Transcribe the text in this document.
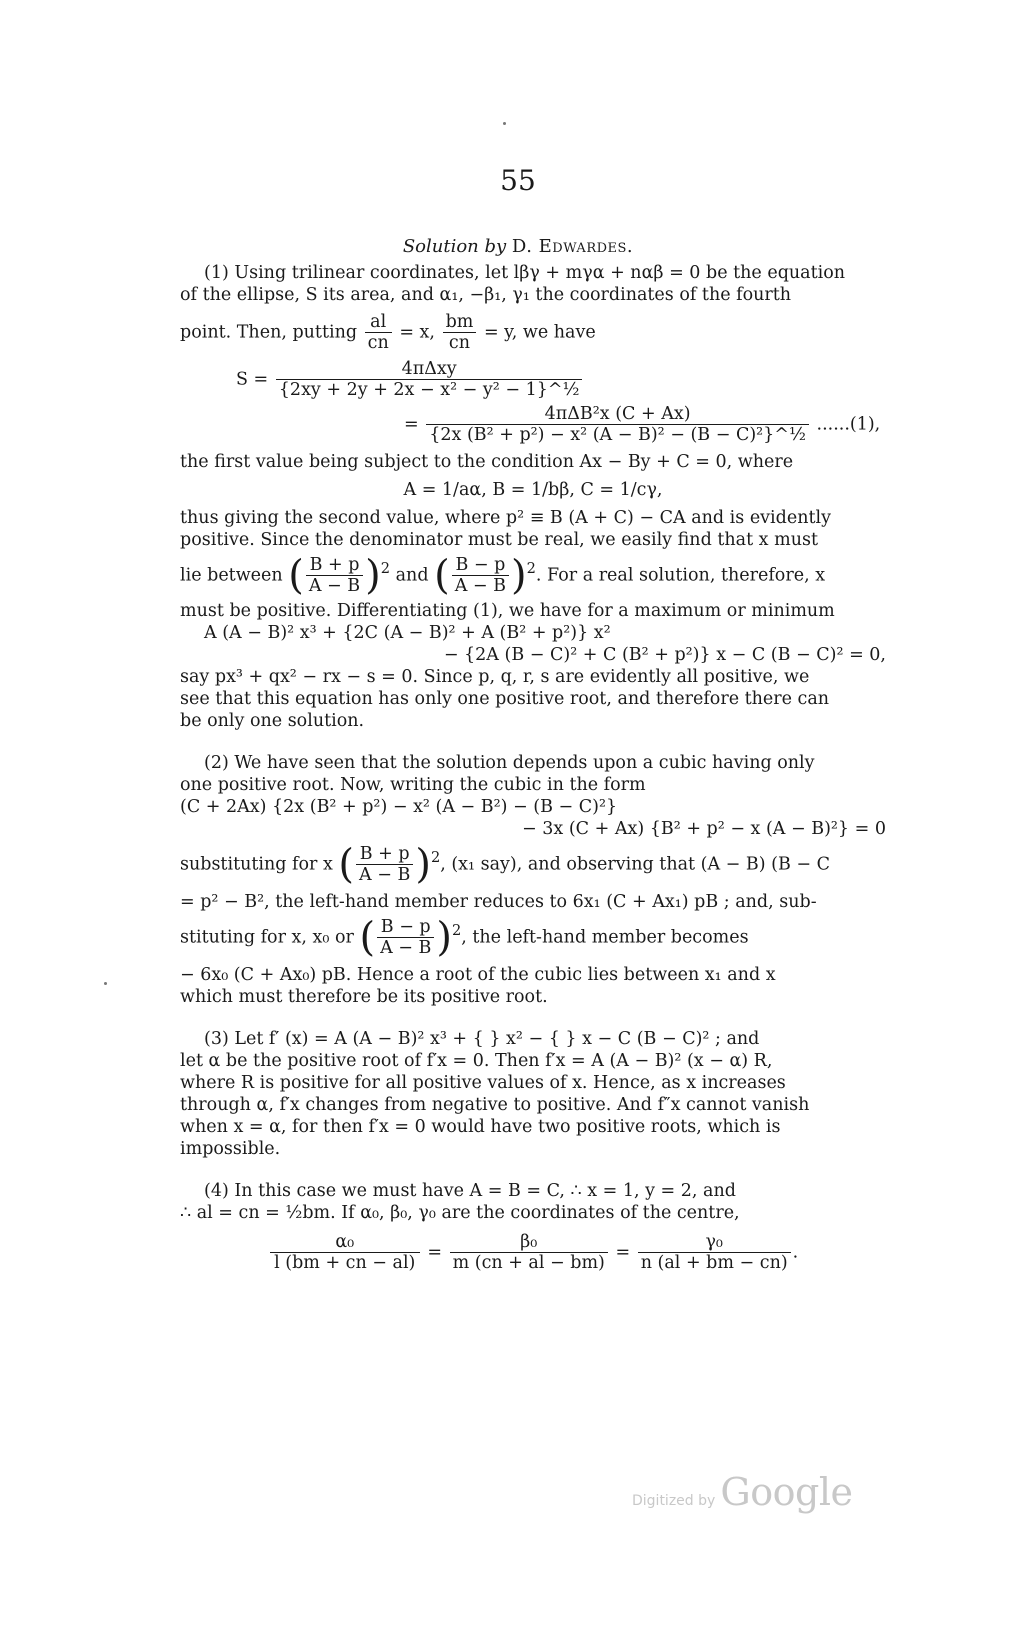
55
Solution by D. Edwardes.
(1) Using trilinear coordinates, let lβγ + mγα + nαβ = 0 be the equation
of the ellipse, S its area, and α₁, −β₁, γ₁ the coordinates of the fourth
point. Then, putting $\frac{al}{cn} = x$, $\frac{bm}{cn} = y$, we have
$S = \frac{\text{4πΔxy}}{\text{\{2xy + 2y + 2x − x² − y² − 1\}\textasciicircum{}½}}$
= $\frac{\text{4πΔB²x (C + Ax)}}{\text{\{2x (B² + p²) − x² (A − B)² − (B − C)²\}\textasciicircum{}½}} ......(1)$,
the first value being subject to the condition Ax − By + C = 0, where
A = 1/aα, B = 1/bβ, C = 1/cγ,
thus giving the second value, where p² ≡ B (A + C) − CA and is evidently
positive. Since the denominator must be real, we easily find that x must
lie between ( $\frac{B + p}{A - B} )^2$ and ( $\frac{B - p}{A - B} )^2$. For a real solution, therefore, x
must be positive. Differentiating (1), we have for a maximum or minimum
A (A − B)² x³ + {2C (A − B)² + A (B² + p²)} x²
− {2A (B − C)² + C (B² + p²)} x − C (B − C)² = 0,
say px³ + qx² − rx − s = 0. Since p, q, r, s are evidently all positive, we
see that this equation has only one positive root, and therefore there can
be only one solution.
(2) We have seen that the solution depends upon a cubic having only
one positive root. Now, writing the cubic in the form
(C + 2Ax) {2x (B² + p²) − x² (A − B²) − (B − C)²}
− 3x (C + Ax) {B² + p² − x (A − B)²} = 0
substituting for x ( $\frac{B + p}{A - B} )^2$, (x₁ say), and observing that (A − B) (B − C
= p² − B², the left-hand member reduces to 6x₁ (C + Ax₁) pB ; and, sub-
stituting for x, x₀ or ( $\frac{B - p}{A - B} )^2$, the left-hand member becomes
− 6x₀ (C + Ax₀) pB. Hence a root of the cubic lies between x₁ and x
which must therefore be its positive root.
(3) Let f′ (x) = A (A − B)² x³ + { } x² − { } x − C (B − C)² ; and
let α be the positive root of f′x = 0. Then f′x = A (A − B)² (x − α) R,
where R is positive for all positive values of x. Hence, as x increases
through α, f′x changes from negative to positive. And f″x cannot vanish
when x = α, for then f′x = 0 would have two positive roots, which is
impossible.
(4) In this case we must have A = B = C, ∴ x = 1, y = 2, and
∴ al = cn = ½bm. If α₀, β₀, γ₀ are the coordinates of the centre,
$\frac{\text{α₀}}{l (bm + cn - al)} = \frac{\text{β₀}}{m (cn + al - bm)} = \frac{\text{γ₀}}{n (al + bm - cn)}$ .
Digitized by Google
